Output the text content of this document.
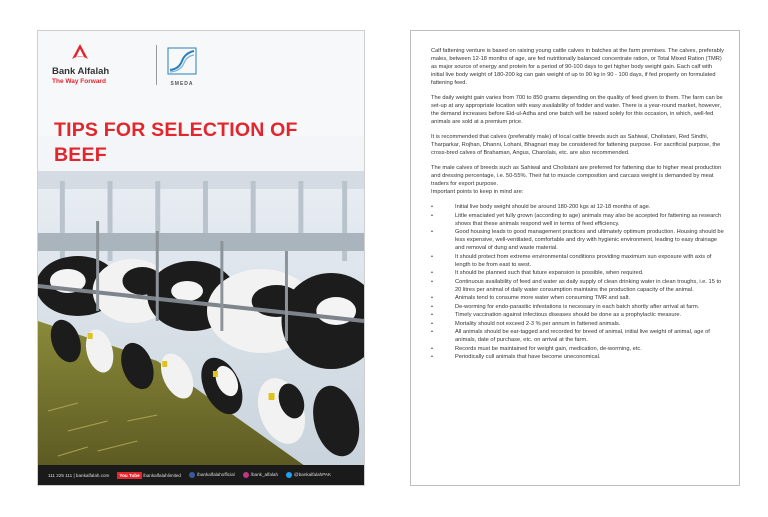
Bank Alfalah
The Way Forward	SMEDA
TIPS FOR SELECTION OF BEEF
111 225 111 | bankalfalah.com	You Tube /bankalfalahlimited	/bankalfalahofficial	/bank_alfalah	@bankalfalahPAK

Calf fattening venture is based on raising young cattle calves in batches at the farm premises. The calves, preferably males, between 12-18 months of age, are fed nutritionally balanced concentrate ration, or Total Mixed Ration (TMR) as major source of energy and protein for a period of 90-100 days to get higher body weight gain. Each calf with initial live body weight of 180-200 kg can gain weight of up to 90 kg in 90 - 100 days, if fed properly on formulated fattening feed.

The daily weight gain varies from 700 to 850 grams depending on the quality of feed given to them. The farm can be set-up at any appropriate location with easy availability of fodder and water. There is a year-round market, however, the demand increases before Eid-ul-Adha and one batch will be raised solely for this occasion, in which, well-fed animals are sold at a premium price.

It is recommended that calves (preferably male) of local cattle breeds such as Sahiwal, Cholistani, Red Sindhi, Tharparkar, Rojhan, Dhanni, Lohani, Bhagnari may be considered for fattening purpose. For sacrificial purpose, the cross-bred calves of Brahaman, Angus, Charolais, etc. are also recommended.

The male calves of breeds such as Sahiwal and Cholistani are preferred for fattening due to higher meat production and dressing percentage, i.e. 50-55%. Their fat to muscle composition and carcass weight is demanded by meat traders for export purpose.

Important points to keep in mind are:

• Initial live body weight should be around 180-200 kgs at 12-18 months of age.
• Little emaciated yet fully grown (according to age) animals may also be accepted for fattening as research shows that these animals respond well in terms of feed efficiency.
• Good housing leads to good management practices and ultimately optimum production. Housing should be less expensive, well-ventilated, comfortable and dry with hygienic environment, leading to easy drainage and removal of dung and waste material.
• It should protect from extreme environmental conditions providing maximum sun exposure with axis of length to be from east to west.
• It should be planned such that future expansion is possible, when required.
• Continuous availability of feed and water as daily supply of clean drinking water in clean troughs, i.e. 15 to 20 litres per animal of daily water consumption maintains the production capacity of the animal.
• Animals tend to consume more water when consuming TMR and salt.
• De-worming for endo-parasitic infestations is necessary in each batch shortly after arrival at farm.
• Timely vaccination against infectious diseases should be done as a prophylactic measure.
• Mortality should not exceed 2-3 % per annum in fattened animals.
• All animals should be ear-tagged and recorded for breed of animal, initial live weight of animal, age of animals, date of purchase, etc. on arrival at the farm.
• Records must be maintained for weight gain, medication, de-worming, etc.
• Periodically cull animals that have become uneconomical.
